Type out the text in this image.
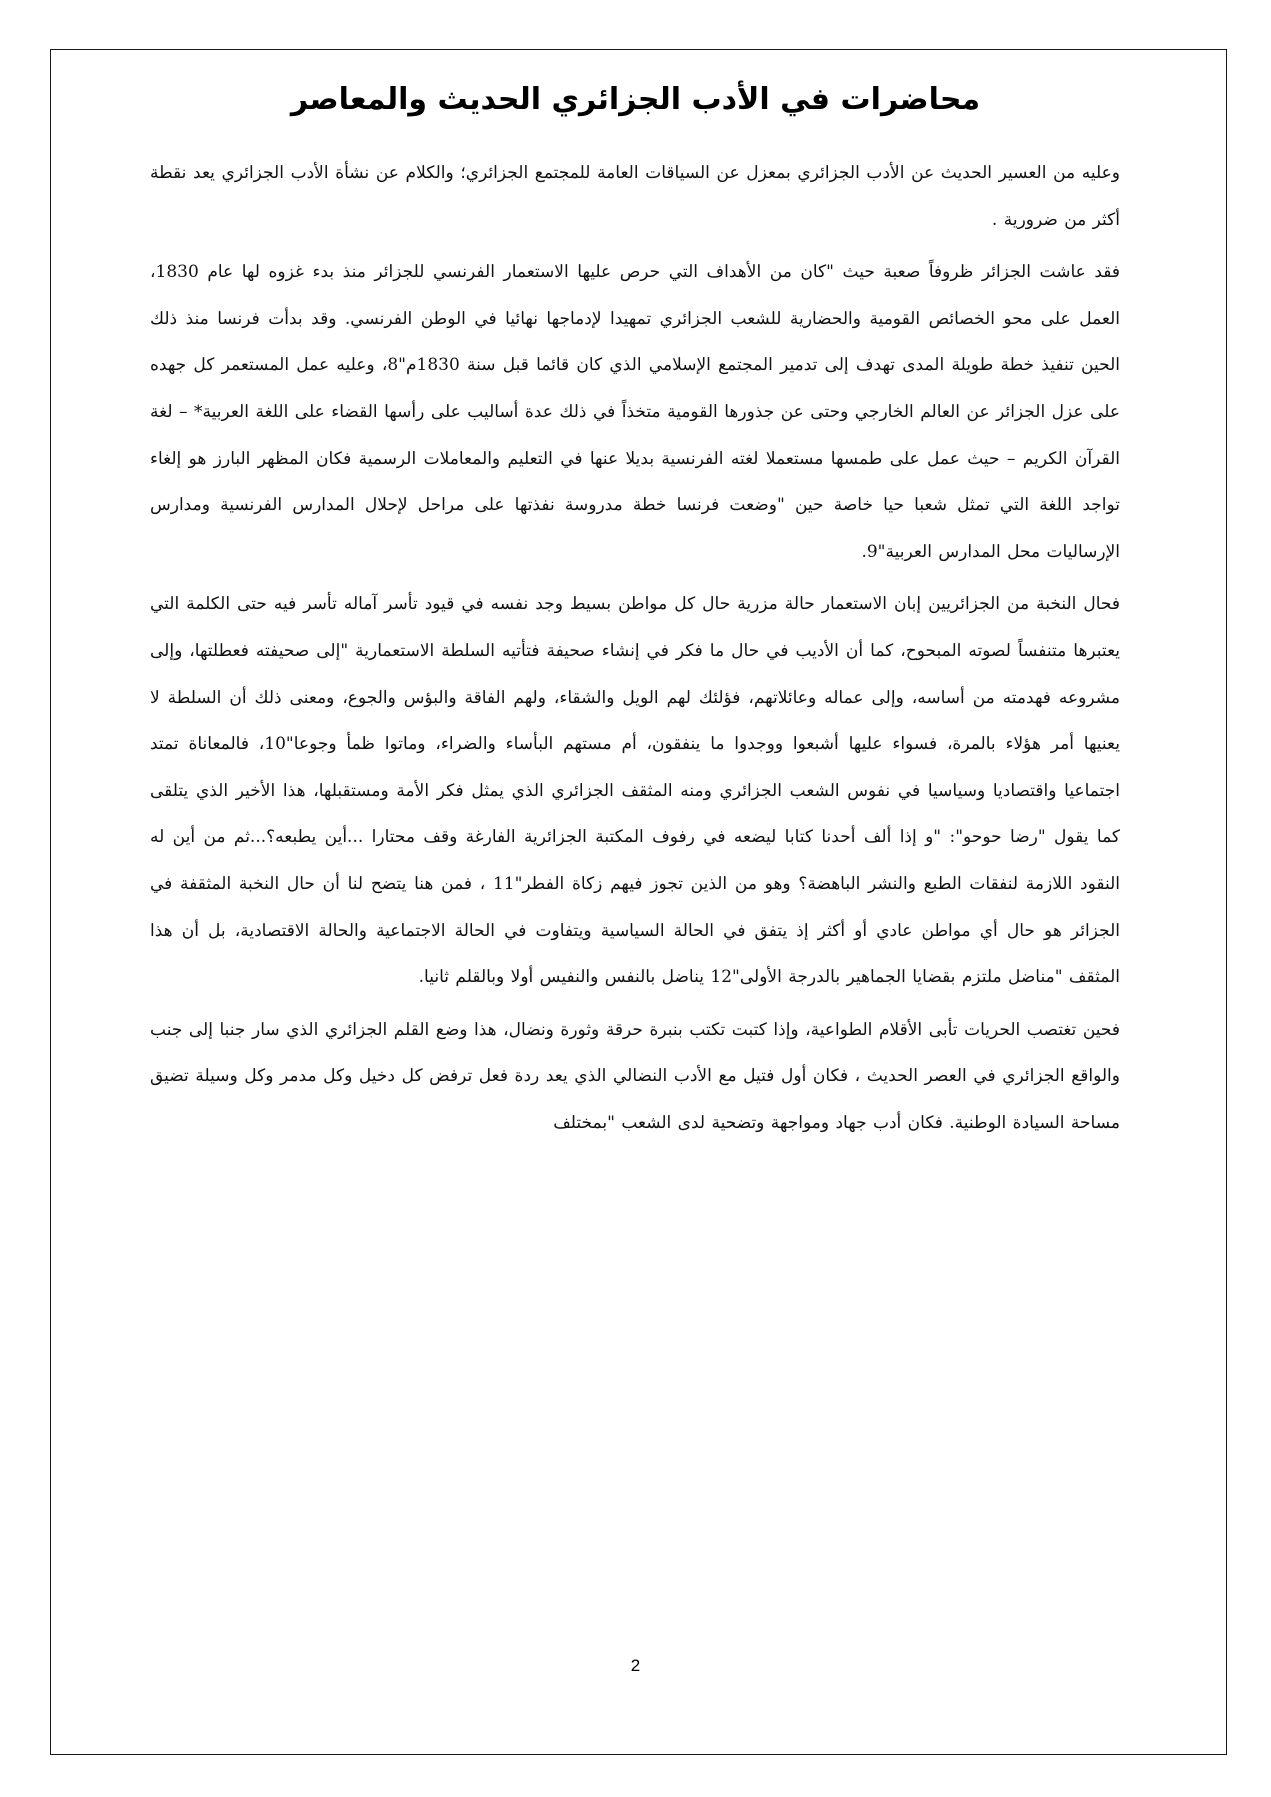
محاضرات في الأدب الجزائري الحديث والمعاصر

وعليه من العسير الحديث عن الأدب الجزائري بمعزل عن السياقات العامة للمجتمع الجزائري؛ والكلام عن نشأة الأدب الجزائري يعد نقطة أكثر من ضرورية .

فقد عاشت الجزائر ظروفاً صعبة حيث "كان من الأهداف التي حرص عليها الاستعمار الفرنسي للجزائر منذ بدء غزوه لها عام 1830، العمل على محو الخصائص القومية والحضارية للشعب الجزائري تمهيدا لإدماجها نهائيا في الوطن الفرنسي. وقد بدأت فرنسا منذ ذلك الحين تنفيذ خطة طويلة المدى تهدف إلى تدمير المجتمع الإسلامي الذي كان قائما قبل سنة 1830م"8، وعليه عمل المستعمر كل جهده على عزل الجزائر عن العالم الخارجي وحتى عن جذورها القومية متخذاً في ذلك عدة أساليب على رأسها القضاء على اللغة العربية* – لغة القرآن الكريم – حيث عمل على طمسها مستعملا لغته الفرنسية بديلا عنها في التعليم والمعاملات الرسمية فكان المظهر البارز هو إلغاء تواجد اللغة التي تمثل شعبا حيا خاصة حين "وضعت فرنسا خطة مدروسة نفذتها على مراحل لإحلال المدارس الفرنسية ومدارس الإرساليات محل المدارس العربية"9.

فحال النخبة من الجزائريين إبان الاستعمار حالة مزرية حال كل مواطن بسيط وجد نفسه في قيود تأسر آماله تأسر فيه حتى الكلمة التي يعتبرها متنفساً لصوته المبحوح، كما أن الأديب في حال ما فكر في إنشاء صحيفة فتأتيه السلطة الاستعمارية "إلى صحيفته فعطلتها، وإلى مشروعه فهدمته من أساسه، وإلى عماله وعائلاتهم، فؤلئك لهم الويل والشقاء، ولهم الفاقة والبؤس والجوع، ومعنى ذلك أن السلطة لا يعنيها أمر هؤلاء بالمرة، فسواء عليها أشبعوا ووجدوا ما ينفقون، أم مستهم البأساء والضراء، وماتوا ظمأ وجوعا"10، فالمعاناة تمتد اجتماعيا واقتصاديا وسياسيا في نفوس الشعب الجزائري ومنه المثقف الجزائري الذي يمثل فكر الأمة ومستقبلها، هذا الأخير الذي يتلقى كما يقول "رضا حوحو": "و إذا ألف أحدنا كتابا ليضعه في رفوف المكتبة الجزائرية الفارغة وقف محتارا ...أين يطبعه؟...ثم من أين له النقود اللازمة لنفقات الطبع والنشر الباهضة؟ وهو من الذين تجوز فيهم زكاة الفطر"11 ، فمن هنا يتضح لنا أن حال النخبة المثقفة في الجزائر هو حال أي مواطن عادي أو أكثر إذ يتفق في الحالة السياسية ويتفاوت في الحالة الاجتماعية والحالة الاقتصادية، بل أن هذا المثقف "مناضل ملتزم بقضايا الجماهير بالدرجة الأولى"12 يناضل بالنفس والنفيس أولا وبالقلم ثانيا.

فحين تغتصب الحريات تأبى الأقلام الطواعية، وإذا كتبت تكتب بنبرة حرقة وثورة ونضال، هذا وضع القلم الجزائري الذي سار جنبا إلى جنب والواقع الجزائري في العصر الحديث ، فكان أول فتيل مع الأدب النضالي الذي يعد ردة فعل ترفض كل دخيل وكل مدمر وكل وسيلة تضيق مساحة السيادة الوطنية. فكان أدب جهاد ومواجهة وتضحية لدى الشعب "بمختلف

2
